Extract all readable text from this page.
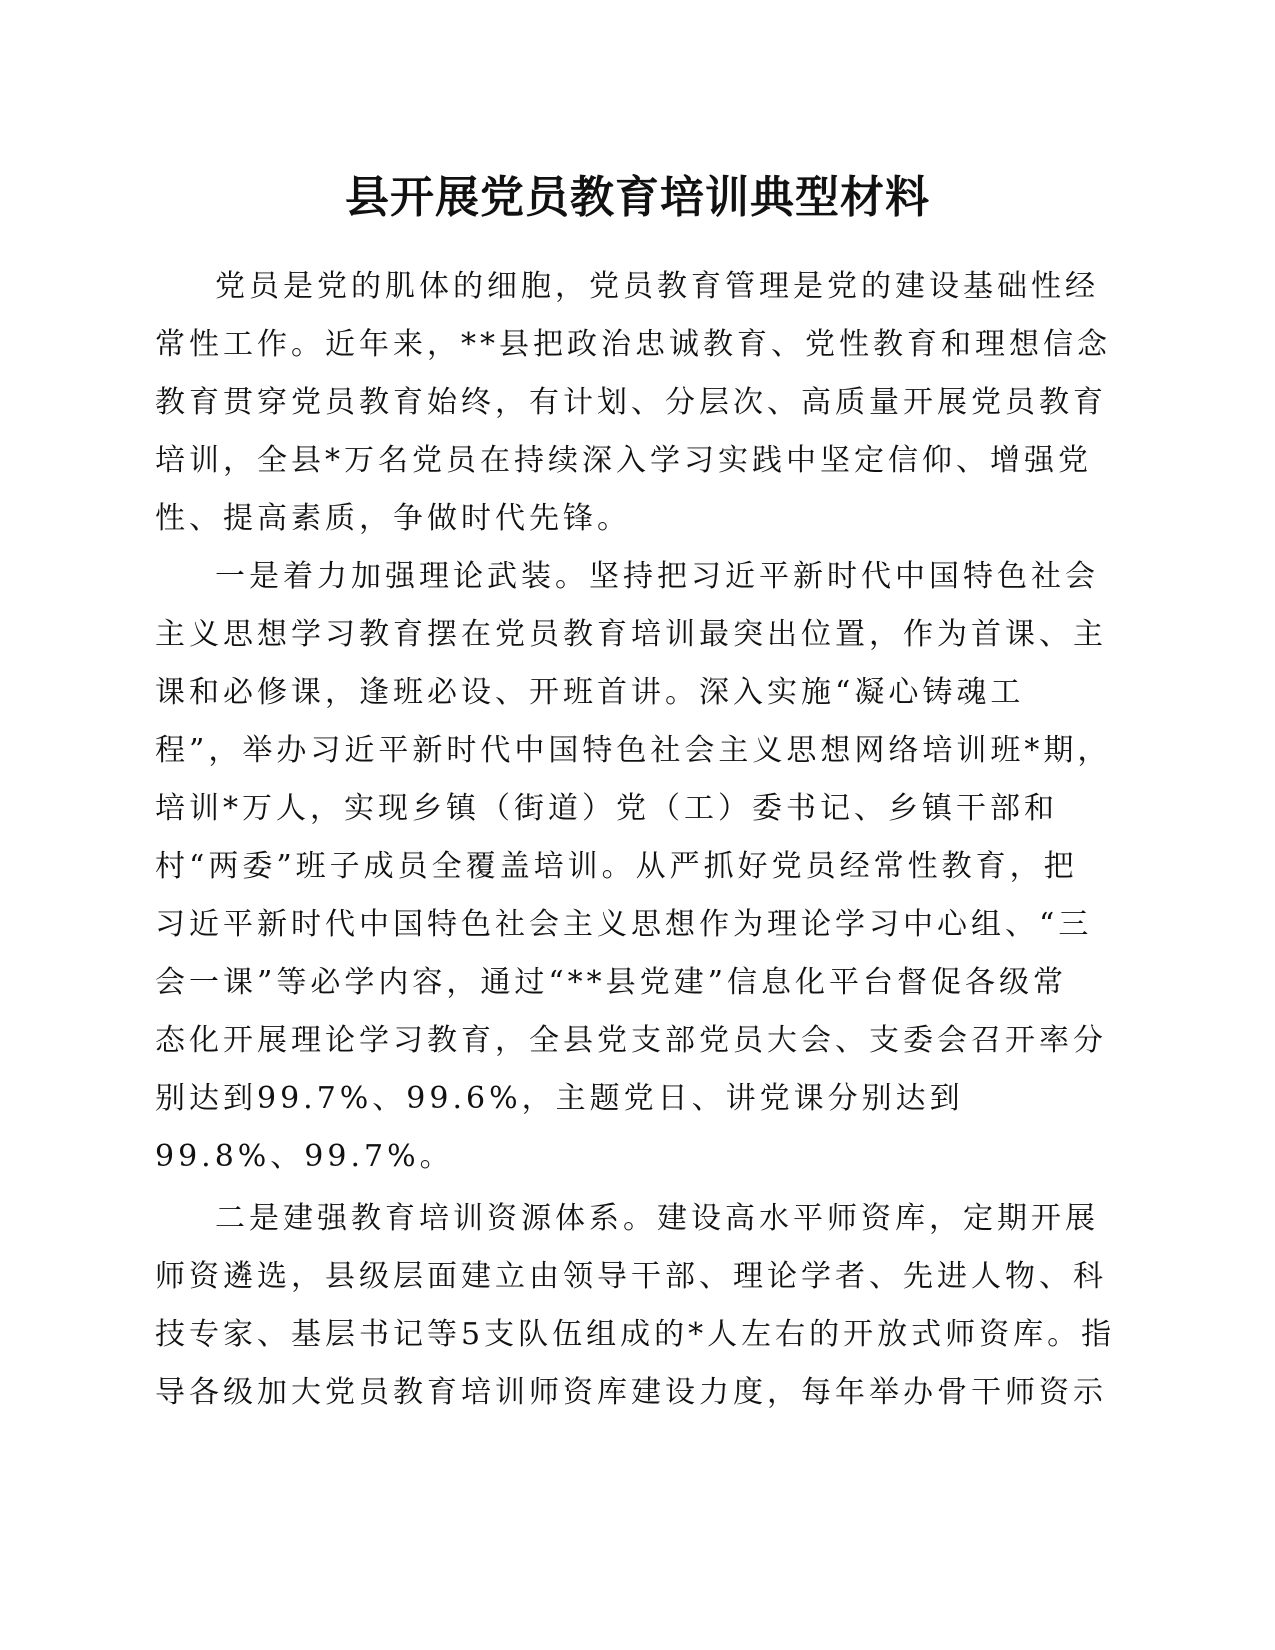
县开展党员教育培训典型材料
党员是党的肌体的细胞，党员教育管理是党的建设基础性经
常性工作。近年来，**县把政治忠诚教育、党性教育和理想信念
教育贯穿党员教育始终，有计划、分层次、高质量开展党员教育
培训，全县*万名党员在持续深入学习实践中坚定信仰、增强党
性、提高素质，争做时代先锋。
一是着力加强理论武装。坚持把习近平新时代中国特色社会
主义思想学习教育摆在党员教育培训最突出位置，作为首课、主
课和必修课，逢班必设、开班首讲。深入实施“凝心铸魂工
程”，举办习近平新时代中国特色社会主义思想网络培训班*期，
培训*万人，实现乡镇（街道）党（工）委书记、乡镇干部和
村“两委”班子成员全覆盖培训。从严抓好党员经常性教育，把
习近平新时代中国特色社会主义思想作为理论学习中心组、“三
会一课”等必学内容，通过“**县党建”信息化平台督促各级常
态化开展理论学习教育，全县党支部党员大会、支委会召开率分
别达到99.7%、99.6%，主题党日、讲党课分别达到
99.8%、99.7%。
二是建强教育培训资源体系。建设高水平师资库，定期开展
师资遴选，县级层面建立由领导干部、理论学者、先进人物、科
技专家、基层书记等5支队伍组成的*人左右的开放式师资库。指
导各级加大党员教育培训师资库建设力度，每年举办骨干师资示
